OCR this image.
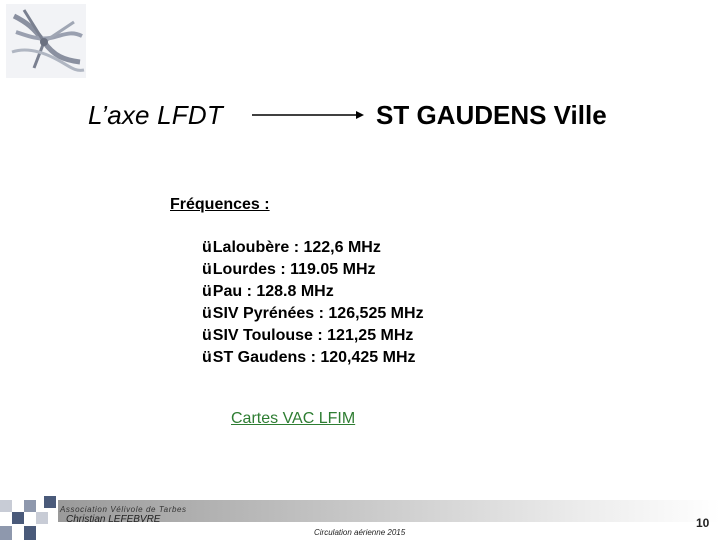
L’axe LFDT	ST GAUDENS Ville
Fréquences :
üLaloubère : 122,6 MHz
üLourdes : 119.05 MHz
üPau : 128.8 MHz
üSIV Pyrénées : 126,525 MHz
üSIV Toulouse : 121,25 MHz
üST Gaudens : 120,425 MHz
Cartes VAC LFIM
Association Vélivole de Tarbes
Christian LEFEBVRE
Circulation aérienne 2015
10
